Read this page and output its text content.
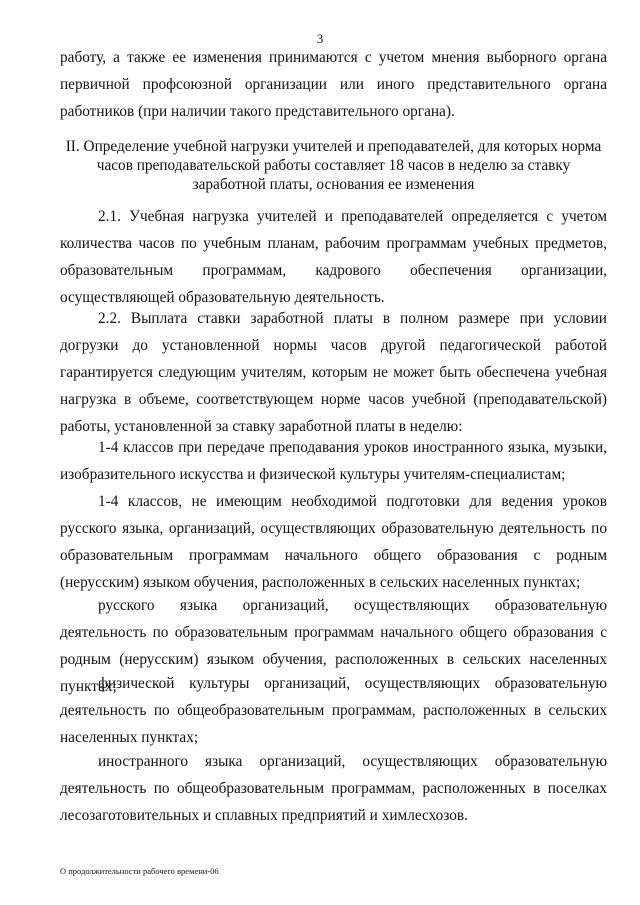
3

работу, а также ее изменения принимаются с учетом мнения выборного органа первичной профсоюзной организации или иного представительного органа работников (при наличии такого представительного органа).

II. Определение учебной нагрузки учителей и преподавателей, для которых норма часов преподавательской работы составляет 18 часов в неделю за ставку заработной платы, основания ее изменения

2.1. Учебная нагрузка учителей и преподавателей определяется с учетом количества часов по учебным планам, рабочим программам учебных предметов, образовательным программам, кадрового обеспечения организации, осуществляющей образовательную деятельность.

2.2. Выплата ставки заработной платы в полном размере при условии догрузки до установленной нормы часов другой педагогической работой гарантируется следующим учителям, которым не может быть обеспечена учебная нагрузка в объеме, соответствующем норме часов учебной (преподавательской) работы, установленной за ставку заработной платы в неделю:

1-4 классов при передаче преподавания уроков иностранного языка, музыки, изобразительного искусства и физической культуры учителям-специалистам;

1-4 классов, не имеющим необходимой подготовки для ведения уроков русского языка, организаций, осуществляющих образовательную деятельность по образовательным программам начального общего образования с родным (нерусским) языком обучения, расположенных в сельских населенных пунктах;

русского языка организаций, осуществляющих образовательную деятельность по образовательным программам начального общего образования с родным (нерусским) языком обучения, расположенных в сельских населенных пунктах;

физической культуры организаций, осуществляющих образовательную деятельность по общеобразовательным программам, расположенных в сельских населенных пунктах;

иностранного языка организаций, осуществляющих образовательную деятельность по общеобразовательным программам, расположенных в поселках лесозаготовительных и сплавных предприятий и химлесхозов.

О продолжительности рабочего времени-06
